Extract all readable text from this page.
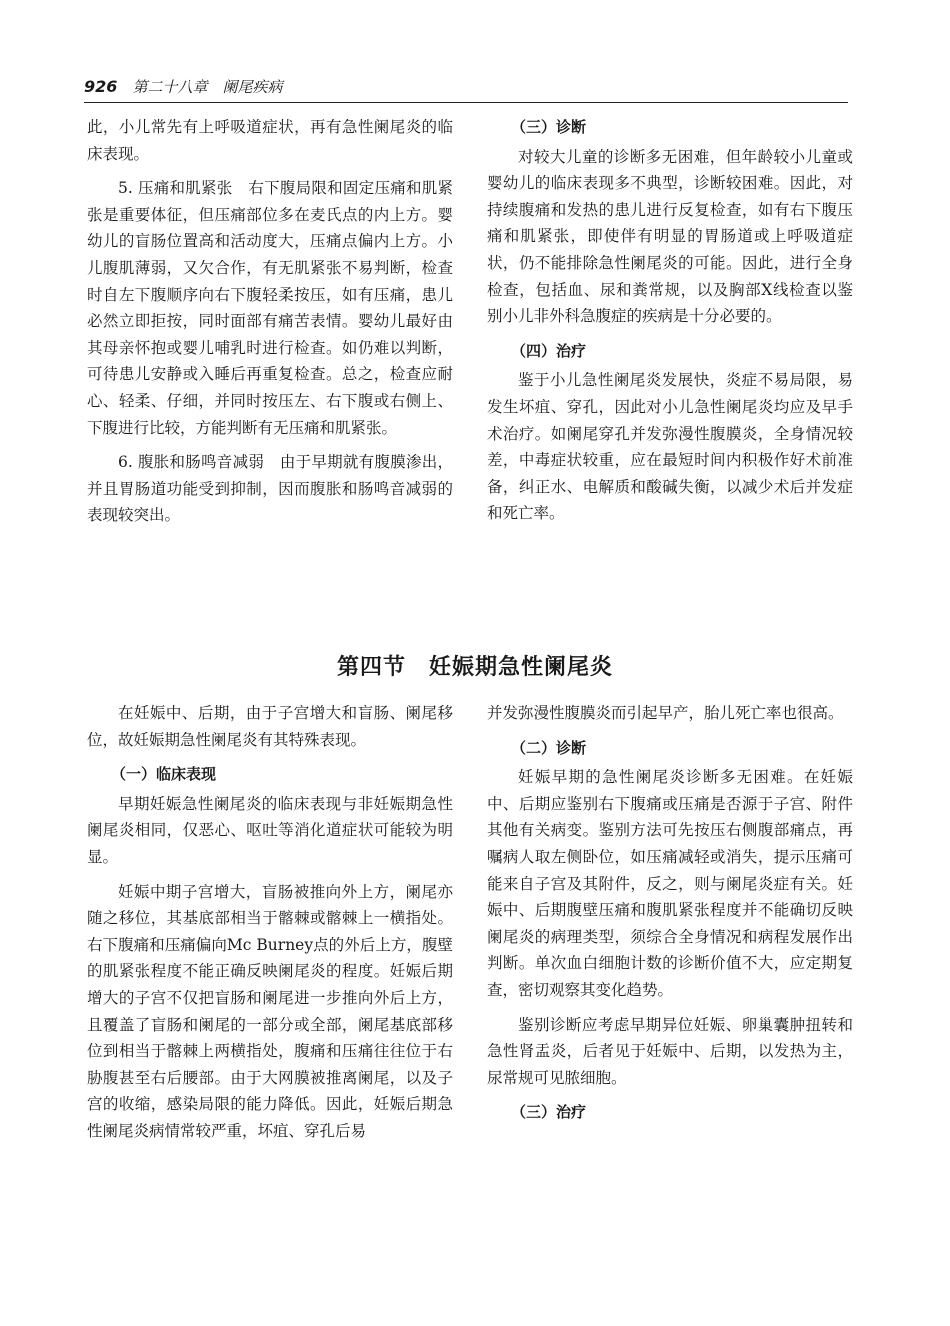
926 第二十八章　阑尾疾病

此，小儿常先有上呼吸道症状，再有急性阑尾炎的临床表现。

5. 压痛和肌紧张　右下腹局限和固定压痛和肌紧张是重要体征，但压痛部位多在麦氏点的内上方。婴幼儿的盲肠位置高和活动度大，压痛点偏内上方。小儿腹肌薄弱，又欠合作，有无肌紧张不易判断，检查时自左下腹顺序向右下腹轻柔按压，如有压痛，患儿必然立即拒按，同时面部有痛苦表情。婴幼儿最好由其母亲怀抱或婴儿哺乳时进行检查。如仍难以判断，可待患儿安静或入睡后再重复检查。总之，检查应耐心、轻柔、仔细，并同时按压左、右下腹或右侧上、下腹进行比较，方能判断有无压痛和肌紧张。

6. 腹胀和肠鸣音减弱　由于早期就有腹膜渗出，并且胃肠道功能受到抑制，因而腹胀和肠鸣音减弱的表现较突出。

（三）诊断

对较大儿童的诊断多无困难，但年龄较小儿童或婴幼儿的临床表现多不典型，诊断较困难。因此，对持续腹痛和发热的患儿进行反复检查，如有右下腹压痛和肌紧张，即使伴有明显的胃肠道或上呼吸道症状，仍不能排除急性阑尾炎的可能。因此，进行全身检查，包括血、尿和粪常规，以及胸部X线检查以鉴别小儿非外科急腹症的疾病是十分必要的。

（四）治疗

鉴于小儿急性阑尾炎发展快，炎症不易局限，易发生坏疽、穿孔，因此对小儿急性阑尾炎均应及早手术治疗。如阑尾穿孔并发弥漫性腹膜炎，全身情况较差，中毒症状较重，应在最短时间内积极作好术前准备，纠正水、电解质和酸碱失衡，以减少术后并发症和死亡率。

第四节　妊娠期急性阑尾炎

在妊娠中、后期，由于子宫增大和盲肠、阑尾移位，故妊娠期急性阑尾炎有其特殊表现。

（一）临床表现

早期妊娠急性阑尾炎的临床表现与非妊娠期急性阑尾炎相同，仅恶心、呕吐等消化道症状可能较为明显。

妊娠中期子宫增大，盲肠被推向外上方，阑尾亦随之移位，其基底部相当于髂棘或髂棘上一横指处。右下腹痛和压痛偏向Mc Burney点的外后上方，腹壁的肌紧张程度不能正确反映阑尾炎的程度。妊娠后期增大的子宫不仅把盲肠和阑尾进一步推向外后上方，且覆盖了盲肠和阑尾的一部分或全部，阑尾基底部移位到相当于髂棘上两横指处，腹痛和压痛往往位于右胁腹甚至右后腰部。由于大网膜被推离阑尾，以及子宫的收缩，感染局限的能力降低。因此，妊娠后期急性阑尾炎病情常较严重，坏疽、穿孔后易

并发弥漫性腹膜炎而引起早产，胎儿死亡率也很高。

（二）诊断

妊娠早期的急性阑尾炎诊断多无困难。在妊娠中、后期应鉴别右下腹痛或压痛是否源于子宫、附件其他有关病变。鉴别方法可先按压右侧腹部痛点，再嘱病人取左侧卧位，如压痛减轻或消失，提示压痛可能来自子宫及其附件，反之，则与阑尾炎症有关。妊娠中、后期腹壁压痛和腹肌紧张程度并不能确切反映阑尾炎的病理类型，须综合全身情况和病程发展作出判断。单次血白细胞计数的诊断价值不大，应定期复查，密切观察其变化趋势。

鉴别诊断应考虑早期异位妊娠、卵巢囊肿扭转和急性肾盂炎，后者见于妊娠中、后期，以发热为主，尿常规可见脓细胞。

（三）治疗
